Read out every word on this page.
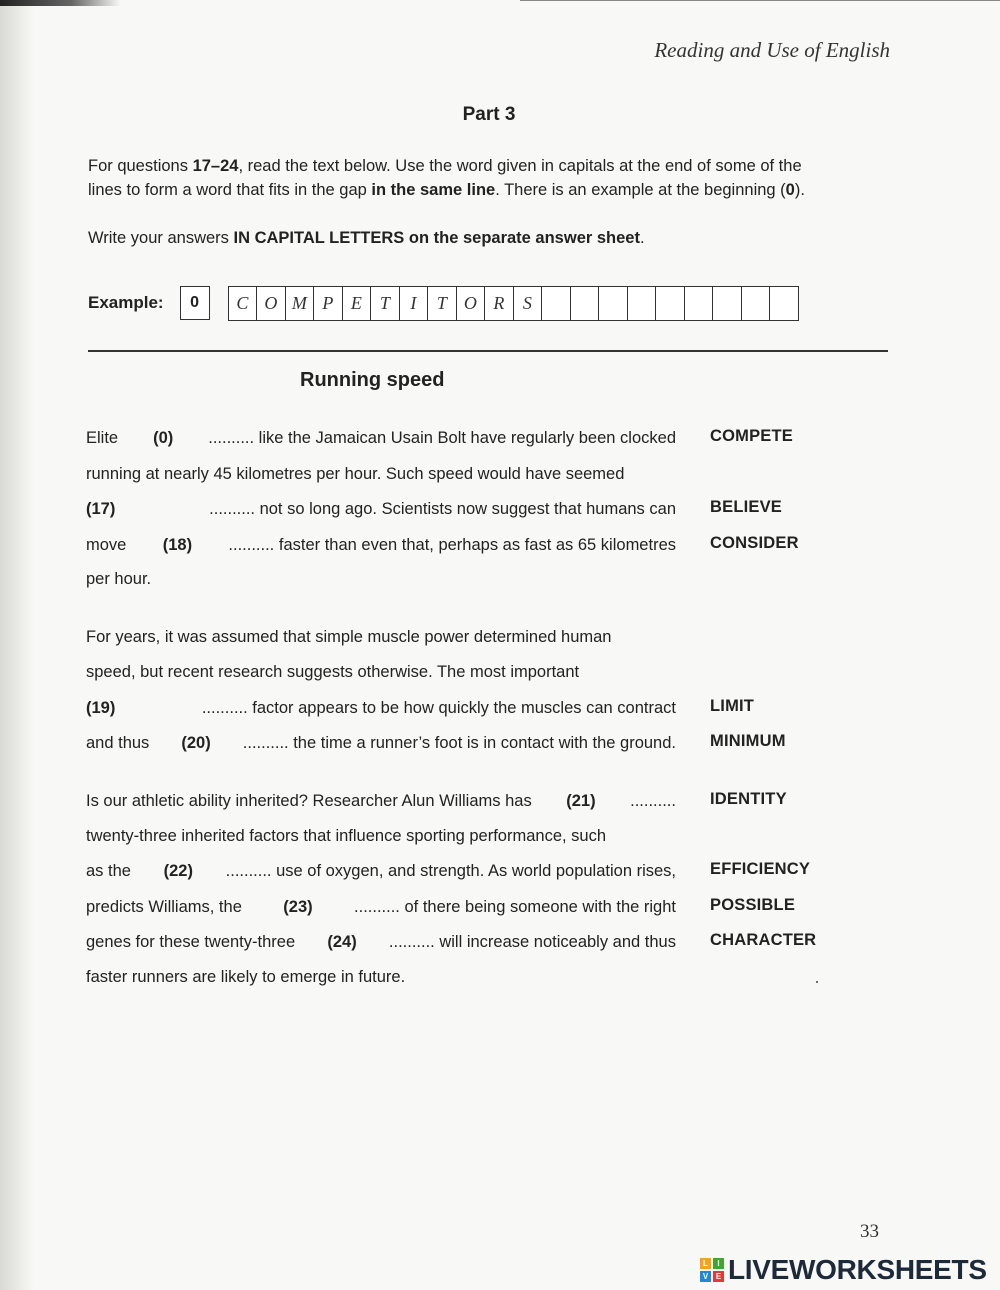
Reading and Use of English
Part 3
For questions 17–24, read the text below. Use the word given in capitals at the end of some of the
lines to form a word that fits in the gap in the same line. There is an example at the beginning (0).
Write your answers IN CAPITAL LETTERS on the separate answer sheet.
Example:	0	C O M P E T	I	T O R	S
Running speed
Elite (0) .......... like the Jamaican Usain Bolt have regularly been clocked
running at nearly 45 kilometres per hour. Such speed would have seemed
(17)	.......... not so long ago. Scientists now suggest that humans can
move (18) .......... faster than even that, perhaps as fast as 65 kilometres
per hour.
For years, it was assumed that simple muscle power determined human
speed, but recent research suggests otherwise. The most important
(19)	.......... factor appears to be how quickly the muscles can contract
and thus (20) .......... the time a runner’s foot is in contact with the ground.
Is our athletic ability inherited? Researcher Alun Williams has (21) ..........
twenty-three inherited factors that influence sporting performance, such
as the (22) .......... use of oxygen, and strength. As world population rises,
predicts Williams, the (23) .......... of there being someone with the right
genes for these twenty-three (24) .......... will increase noticeably and thus
faster runners are likely to emerge in future.
COMPETE
BELIEVE
CONSIDER
LIMIT
MINIMUM
IDENTITY
EFFICIENCY
POSSIBLE
CHARACTER
33
L	I
V E LIVEWORKSHEETS
